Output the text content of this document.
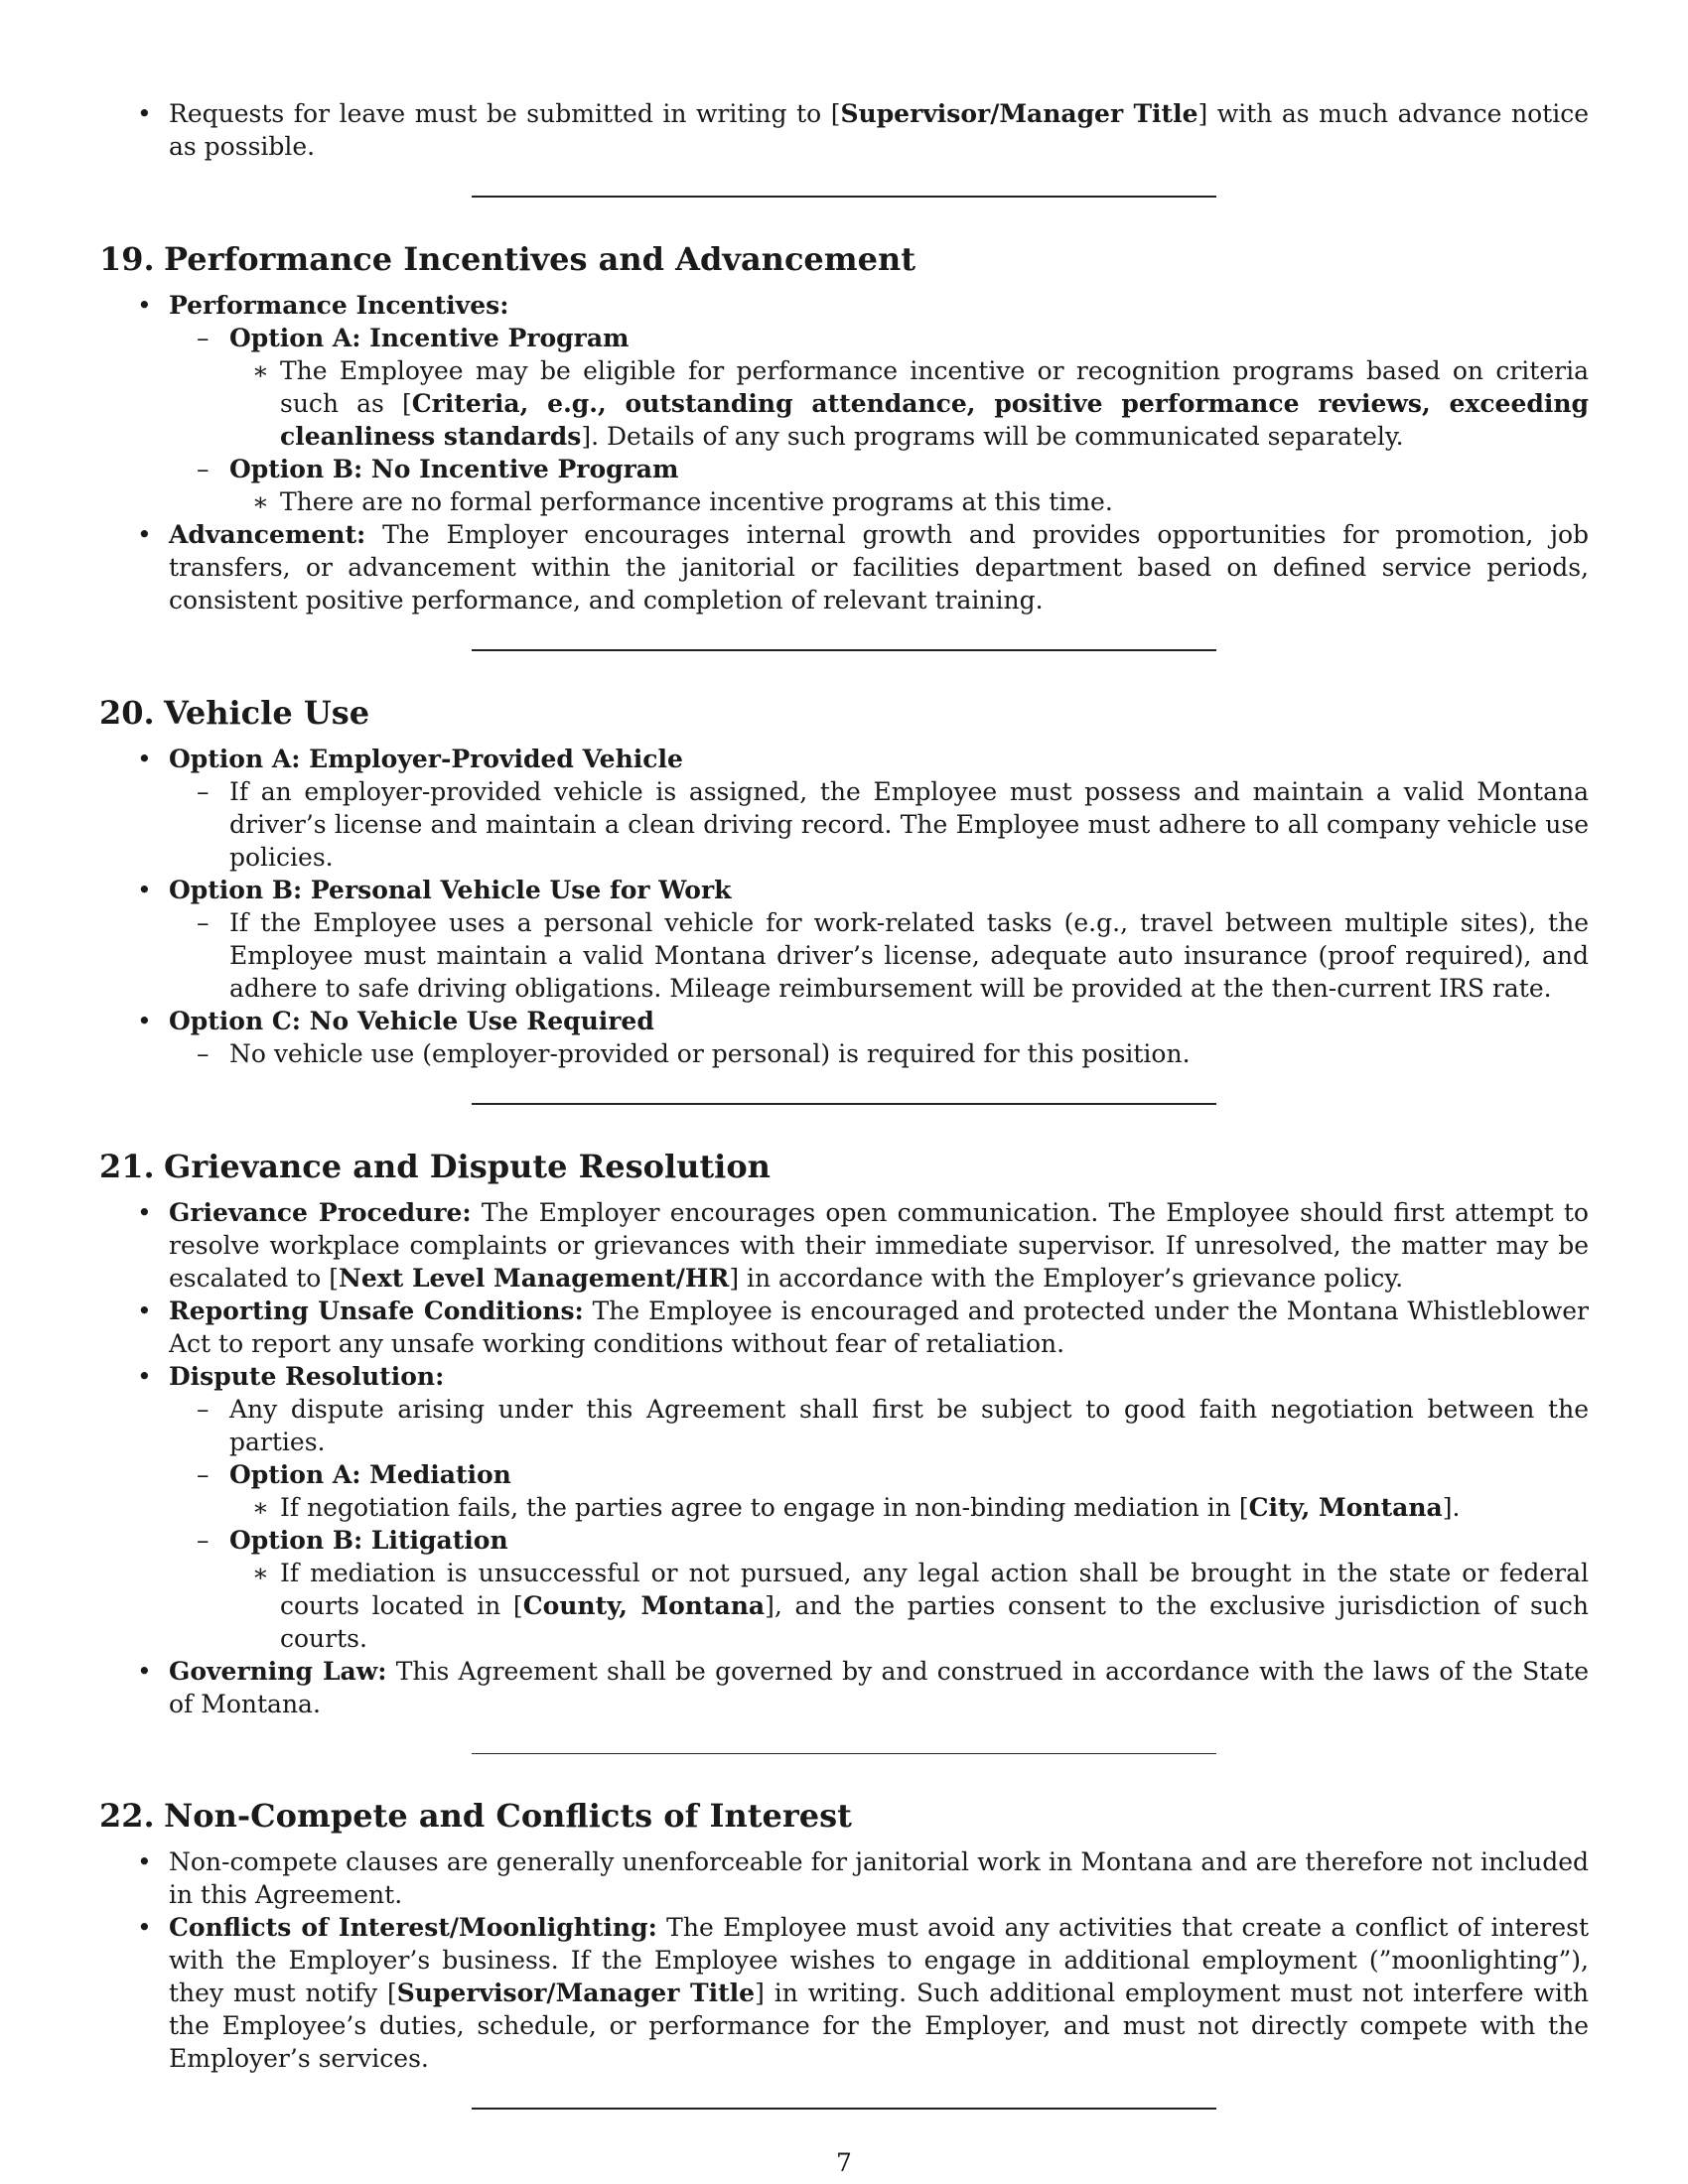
• Requests for leave must be submitted in writing to [Supervisor/Manager Title] with as much advance notice as possible.
19. Performance Incentives and Advancement
• Performance Incentives:
– Option A: Incentive Program
∗ The Employee may be eligible for performance incentive or recognition programs based on criteria such as [Criteria, e.g., outstanding attendance, positive performance reviews, exceeding cleanliness standards]. Details of any such programs will be communicated separately.
– Option B: No Incentive Program
∗ There are no formal performance incentive programs at this time.
• Advancement: The Employer encourages internal growth and provides opportunities for promotion, job transfers, or advancement within the janitorial or facilities department based on defined service periods, consistent positive performance, and completion of relevant training.
20. Vehicle Use
• Option A: Employer-Provided Vehicle
– If an employer-provided vehicle is assigned, the Employee must possess and maintain a valid Montana driver’s license and maintain a clean driving record. The Employee must adhere to all company vehicle use policies.
• Option B: Personal Vehicle Use for Work
– If the Employee uses a personal vehicle for work-related tasks (e.g., travel between multiple sites), the Employee must maintain a valid Montana driver’s license, adequate auto insurance (proof required), and adhere to safe driving obligations. Mileage reimbursement will be provided at the then-current IRS rate.
• Option C: No Vehicle Use Required
– No vehicle use (employer-provided or personal) is required for this position.
21. Grievance and Dispute Resolution
• Grievance Procedure: The Employer encourages open communication. The Employee should first attempt to resolve workplace complaints or grievances with their immediate supervisor. If unresolved, the matter may be escalated to [Next Level Management/HR] in accordance with the Employer’s grievance policy.
• Reporting Unsafe Conditions: The Employee is encouraged and protected under the Montana Whistleblower Act to report any unsafe working conditions without fear of retaliation.
• Dispute Resolution:
– Any dispute arising under this Agreement shall first be subject to good faith negotiation between the parties.
– Option A: Mediation
∗ If negotiation fails, the parties agree to engage in non-binding mediation in [City, Montana].
– Option B: Litigation
∗ If mediation is unsuccessful or not pursued, any legal action shall be brought in the state or federal courts located in [County, Montana], and the parties consent to the exclusive jurisdiction of such courts.
• Governing Law: This Agreement shall be governed by and construed in accordance with the laws of the State of Montana.
22. Non-Compete and Conflicts of Interest
• Non-compete clauses are generally unenforceable for janitorial work in Montana and are therefore not included in this Agreement.
• Conflicts of Interest/Moonlighting: The Employee must avoid any activities that create a conflict of interest with the Employer’s business. If the Employee wishes to engage in additional employment (”moonlighting”), they must notify [Supervisor/Manager Title] in writing. Such additional employment must not interfere with the Employee’s duties, schedule, or performance for the Employer, and must not directly compete with the Employer’s services.
7
